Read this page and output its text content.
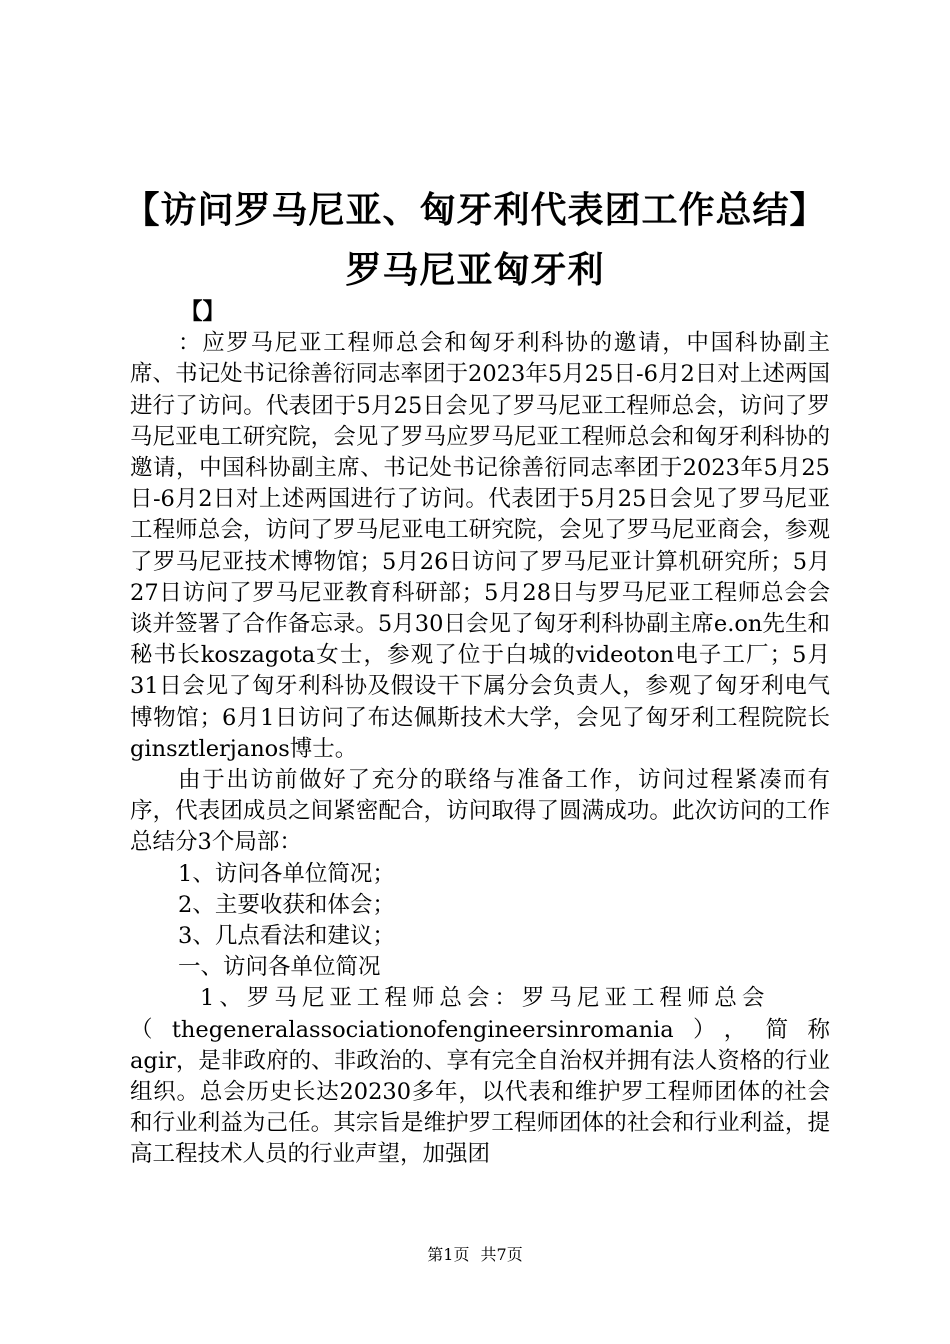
【访问罗马尼亚、匈牙利代表团工作总结】罗马尼亚匈牙利

【】

：应罗马尼亚工程师总会和匈牙利科协的邀请，中国科协副主席、书记处书记徐善衍同志率团于2023年5月25日-6月2日对上述两国进行了访问。代表团于5月25日会见了罗马尼亚工程师总会，访问了罗马尼亚电工研究院，会见了罗马应罗马尼亚工程师总会和匈牙利科协的邀请，中国科协副主席、书记处书记徐善衍同志率团于2023年5月25日-6月2日对上述两国进行了访问。代表团于5月25日会见了罗马尼亚工程师总会，访问了罗马尼亚电工研究院，会见了罗马尼亚商会，参观了罗马尼亚技术博物馆；5月26日访问了罗马尼亚计算机研究所；5月27日访问了罗马尼亚教育科研部；5月28日与罗马尼亚工程师总会会谈并签署了合作备忘录。5月30日会见了匈牙利科协副主席e.on先生和秘书长koszagota女士，参观了位于白城的videoton电子工厂；5月31日会见了匈牙利科协及假设干下属分会负责人，参观了匈牙利电气博物馆；6月1日访问了布达佩斯技术大学，会见了匈牙利工程院院长ginsztlerjanos博士。

由于出访前做好了充分的联络与准备工作，访问过程紧凑而有序，代表团成员之间紧密配合，访问取得了圆满成功。此次访问的工作总结分3个局部：

1、访问各单位简况；

2、主要收获和体会；

3、几点看法和建议；

一、访问各单位简况

1、罗马尼亚工程师总会：罗马尼亚工程师总会

（thegeneralassociationofengineersinromania），简称

agir，是非政府的、非政治的、享有完全自治权并拥有法人资格的行业组织。总会历史长达20230多年，以代表和维护罗工程师团体的社会和行业利益为己任。其宗旨是维护罗工程师团体的社会和行业利益，提高工程技术人员的行业声望，加强团

第1页 共7页
